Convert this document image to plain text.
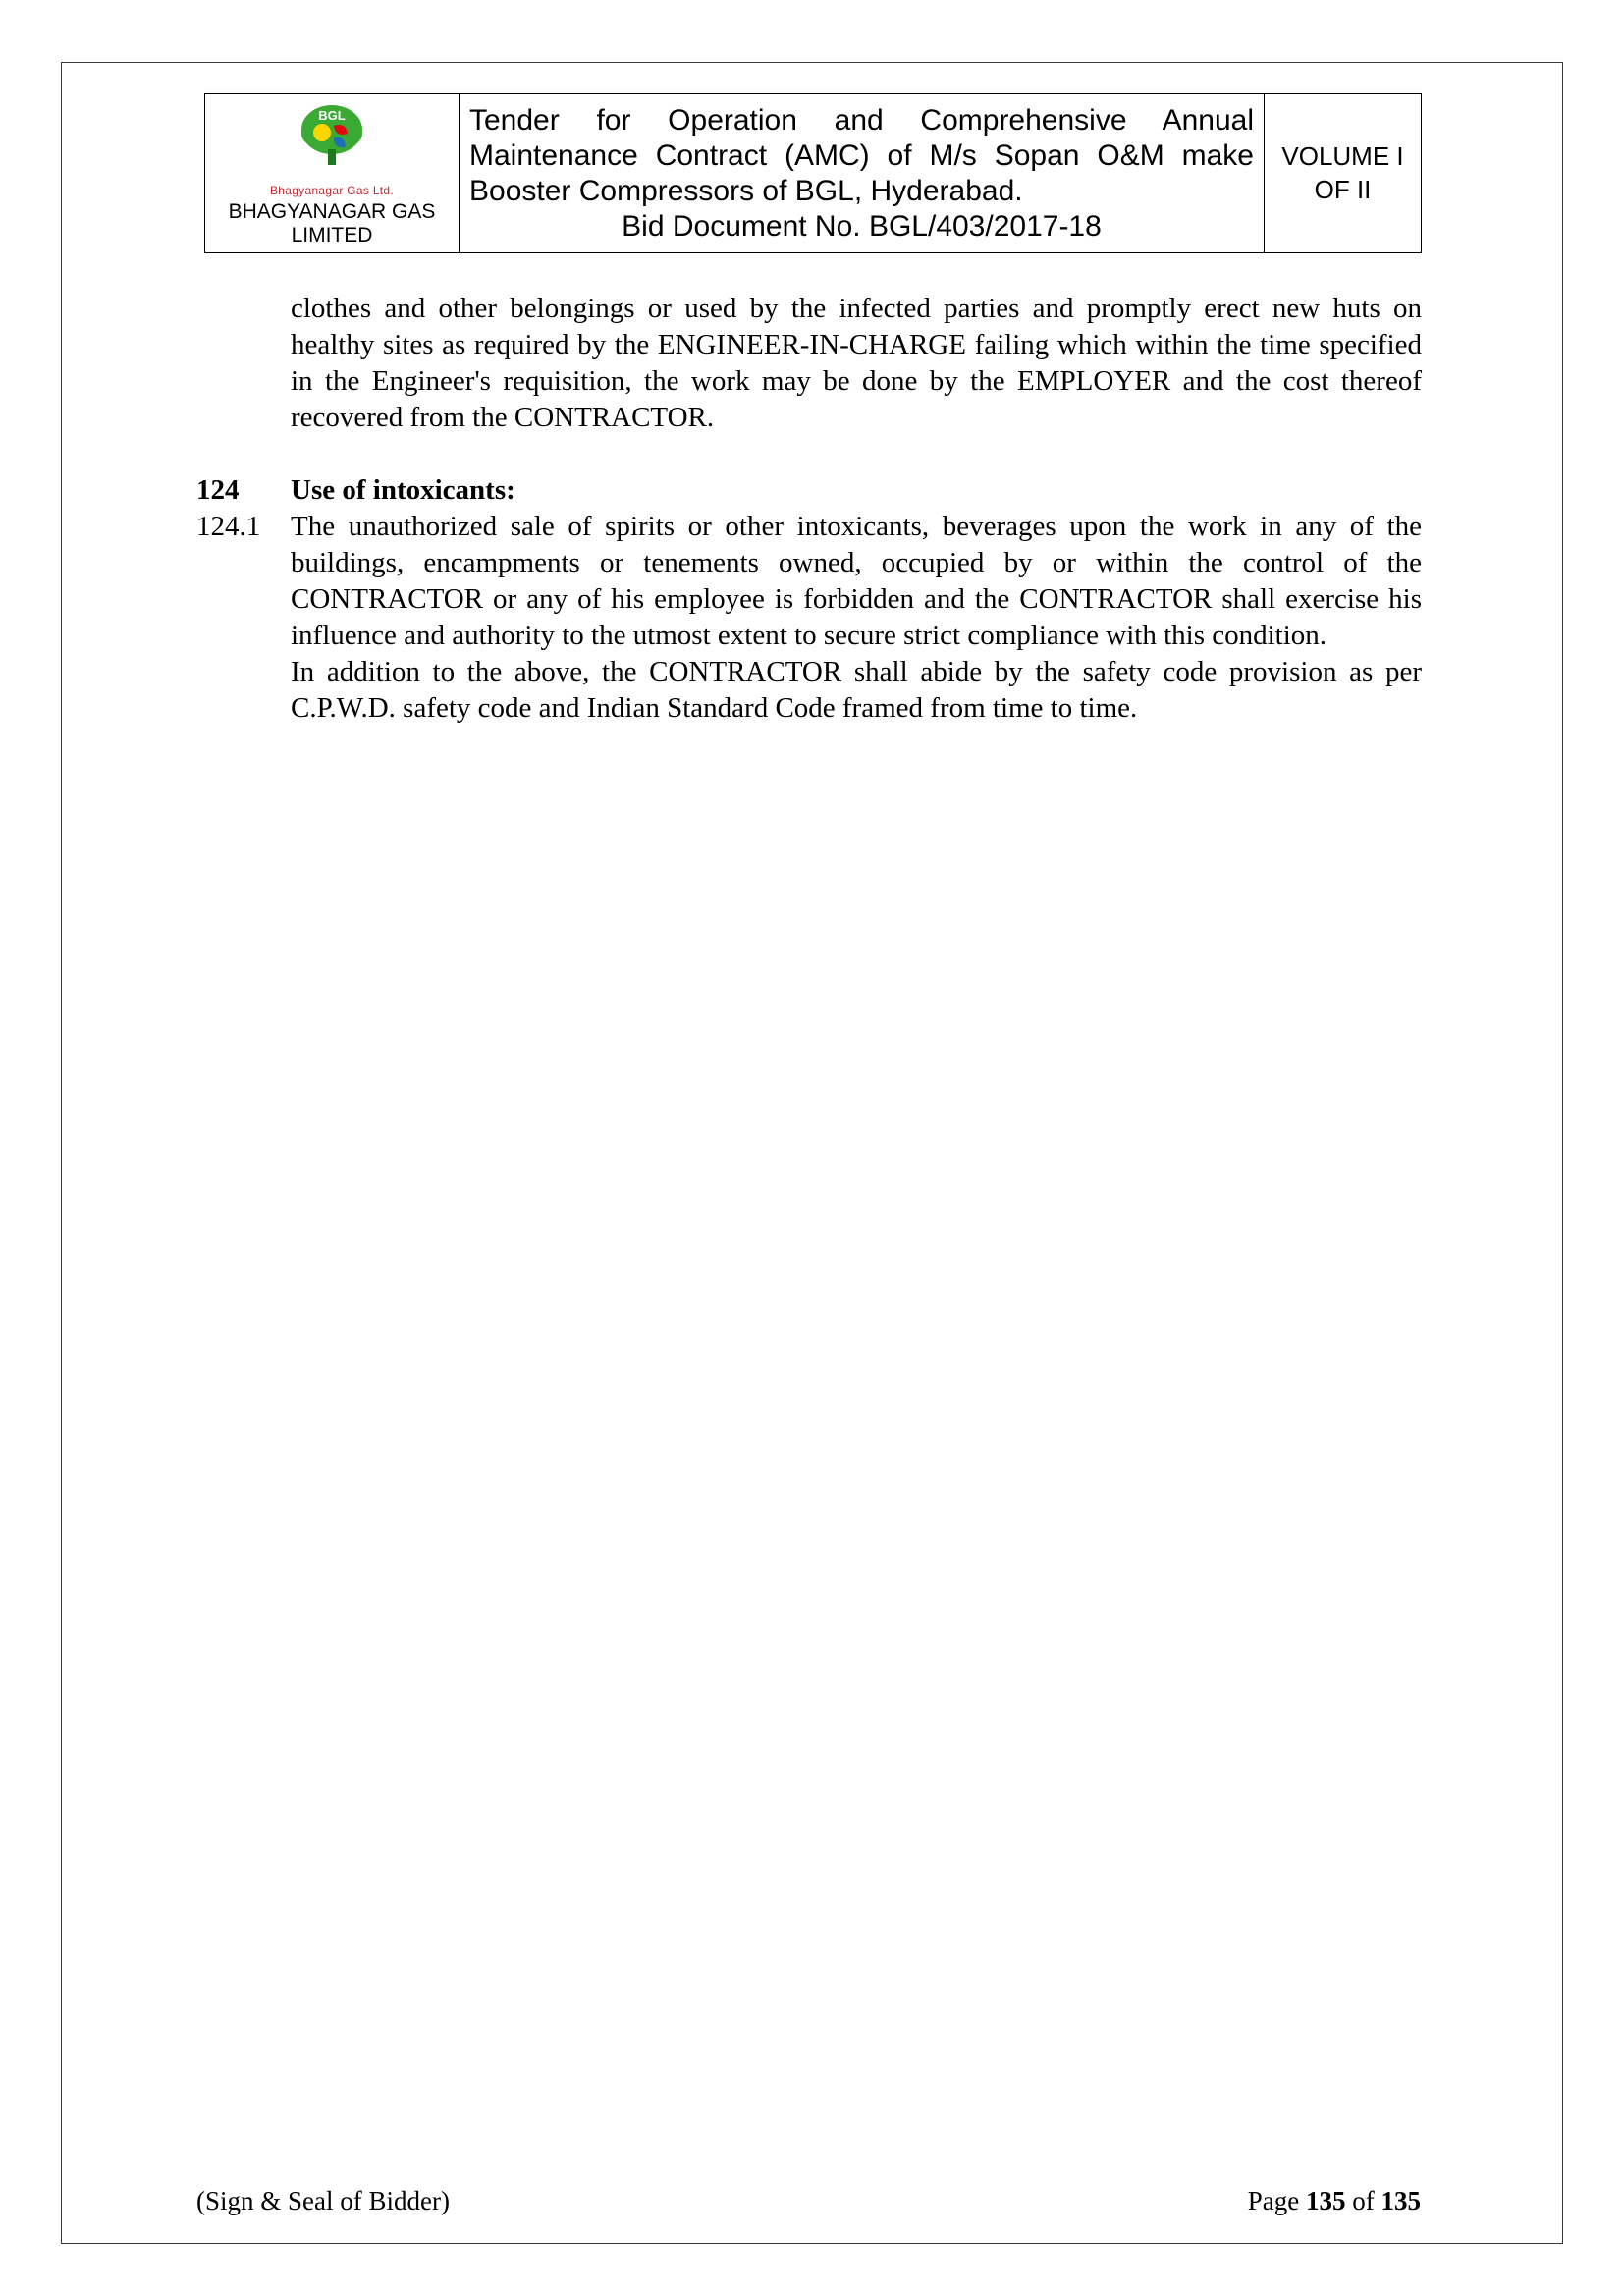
BGL
Bhagyanagar Gas Ltd.
BHAGYANAGAR GAS
LIMITED

Tender for Operation and Comprehensive Annual Maintenance Contract (AMC) of M/s Sopan O&M make Booster Compressors of BGL, Hyderabad.
Bid Document No. BGL/403/2017-18

VOLUME I
OF II
clothes and other belongings or used by the infected parties and promptly erect new huts on healthy sites as required by the ENGINEER-IN-CHARGE failing which within the time specified in the Engineer's requisition, the work may be done by the EMPLOYER and the cost thereof recovered from the CONTRACTOR.
124	Use of intoxicants:
124.1	The unauthorized sale of spirits or other intoxicants, beverages upon the work in any of the buildings, encampments or tenements owned, occupied by or within the control of the CONTRACTOR or any of his employee is forbidden and the CONTRACTOR shall exercise his influence and authority to the utmost extent to secure strict compliance with this condition.
In addition to the above, the CONTRACTOR shall abide by the safety code provision as per C.P.W.D. safety code and Indian Standard Code framed from time to time.
(Sign & Seal of Bidder)	Page 135 of 135
